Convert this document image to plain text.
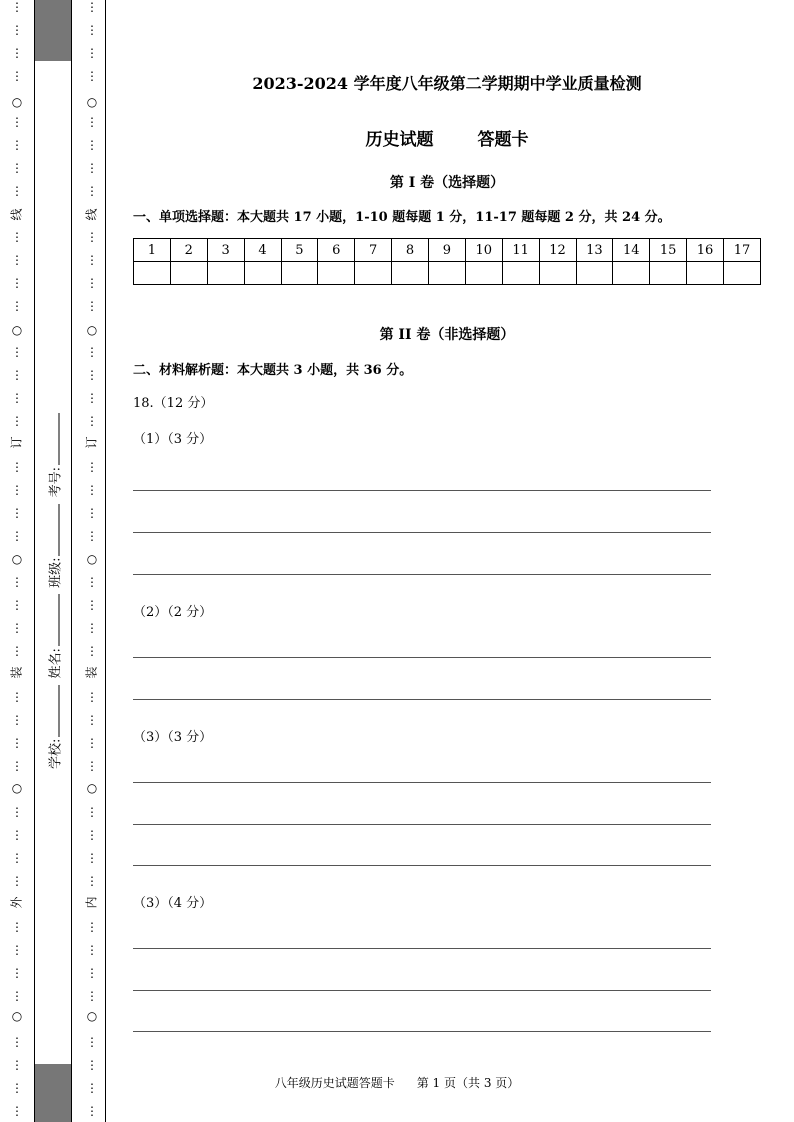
⋮
⋮
⋮
⋮
⋮
⋮
⋮
⋮
⋮
⋮
⋮
⋮
⋮
⋮
⋮
⋮
⋮
⋮
⋮
⋮
⋮
⋮
⋮
⋮
⋮
⋮
⋮
⋮
⋮
⋮
⋮
⋮
⋮
⋮
⋮
⋮
⋮
⋮
⋮
⋮
○
○
○
○
○
线
订
装
外
⋮
⋮
⋮
⋮
⋮
⋮
⋮
⋮
⋮
⋮
⋮
⋮
⋮
⋮
⋮
⋮
⋮
⋮
⋮
⋮
⋮
⋮
⋮
⋮
⋮
⋮
⋮
⋮
⋮
⋮
⋮
⋮
⋮
⋮
⋮
⋮
⋮
⋮
⋮
⋮
○
○
○
○
○
线
订
装
内
学校: 姓名: 班级: 考号:
2023-2024 学年度八年级第二学期期中学业质量检测
历史试题	答题卡
第 I 卷（选择题）
一、单项选择题：本大题共 17 小题，1-10 题每题 1 分，11-17 题每题 2 分，共 24 分。
1	2	3	4	5	6	7	8	9	10	11	12	13	14	15	16	17

第 II 卷（非选择题）
二、材料解析题：本大题共 3 小题，共 36 分。
18.（12 分）
（1）（3 分）
（2）（2 分）
（3）（3 分）
（3）（4 分）
八年级历史试题答题卡 第 1 页（共 3 页）
